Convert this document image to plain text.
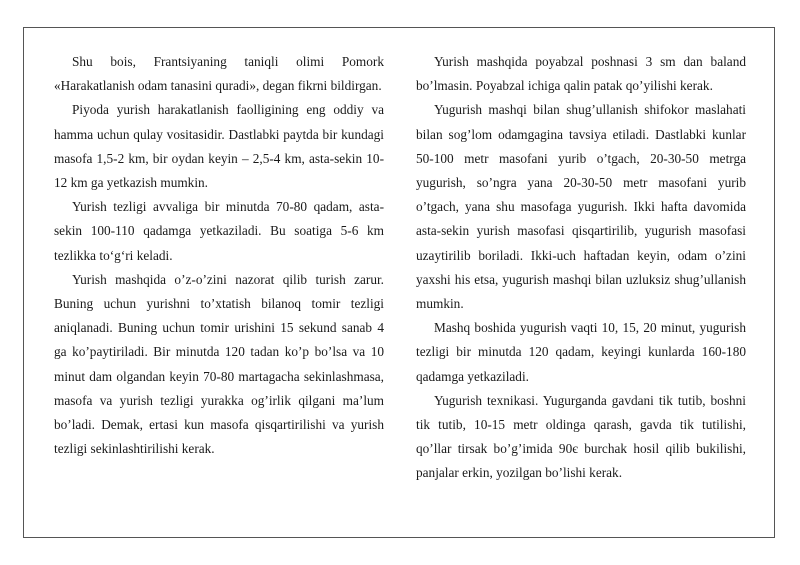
Shu bois, Frantsiyaning taniqli olimi Pomork «Harakatlanish odam tanasini quradi», degan fikrni bildirgan.

Piyoda yurish harakatlanish faolligining eng oddiy va hamma uchun qulay vositasidir. Dastlabki paytda bir kundagi masofa 1,5-2 km, bir oydan keyin – 2,5-4 km, asta-sekin 10-12 km ga yetkazish mumkin.

Yurish tezligi avvaliga bir minutda 70-80 qadam, asta-sekin 100-110 qadamga yetkaziladi. Bu soatiga 5-6 km tezlikka to‘g‘ri keladi.

Yurish mashqida o’z-o’zini nazorat qilib turish zarur. Buning uchun yurishni to’xtatish bilanoq tomir tezligi aniqlanadi. Buning uchun tomir urishini 15 sekund sanab 4 ga ko’paytiriladi. Bir minutda 120 tadan ko’p bo’lsa va 10 minut dam olgandan keyin 70-80 martagacha sekinlashmasa, masofa va yurish tezligi yurakka og’irlik qilgani ma’lum bo’ladi. Demak, ertasi kun masofa qisqartirilishi va yurish tezligi sekinlashtirilishi kerak.

Yurish mashqida poyabzal poshnasi 3 sm dan baland bo’lmasin. Poyabzal ichiga qalin patak qo’yilishi kerak.

Yugurish mashqi bilan shug’ullanish shifokor maslahati bilan sog’lom odamgagina tavsiya etiladi. Dastlabki kunlar 50-100 metr masofani yurib o’tgach, 20-30-50 metrga yugurish, so’ngra yana 20-30-50 metr masofani yurib o’tgach, yana shu masofaga yugurish. Ikki hafta davomida asta-sekin yurish masofasi qisqartirilib, yugurish masofasi uzaytirilib boriladi. Ikki-uch haftadan keyin, odam o’zini yaxshi his etsa, yugurish mashqi bilan uzluksiz shug’ullanish mumkin.

Mashq boshida yugurish vaqti 10, 15, 20 minut, yugurish tezligi bir minutda 120 qadam, keyingi kunlarda 160-180 qadamga yetkaziladi.

Yugurish texnikasi. Yugurganda gavdani tik tutib, boshni tik tutib, 10-15 metr oldinga qarash, gavda tik tutilishi, qo’llar tirsak bo’g’imida 90є burchak hosil qilib bukilishi, panjalar erkin, yozilgan bo’lishi kerak.
